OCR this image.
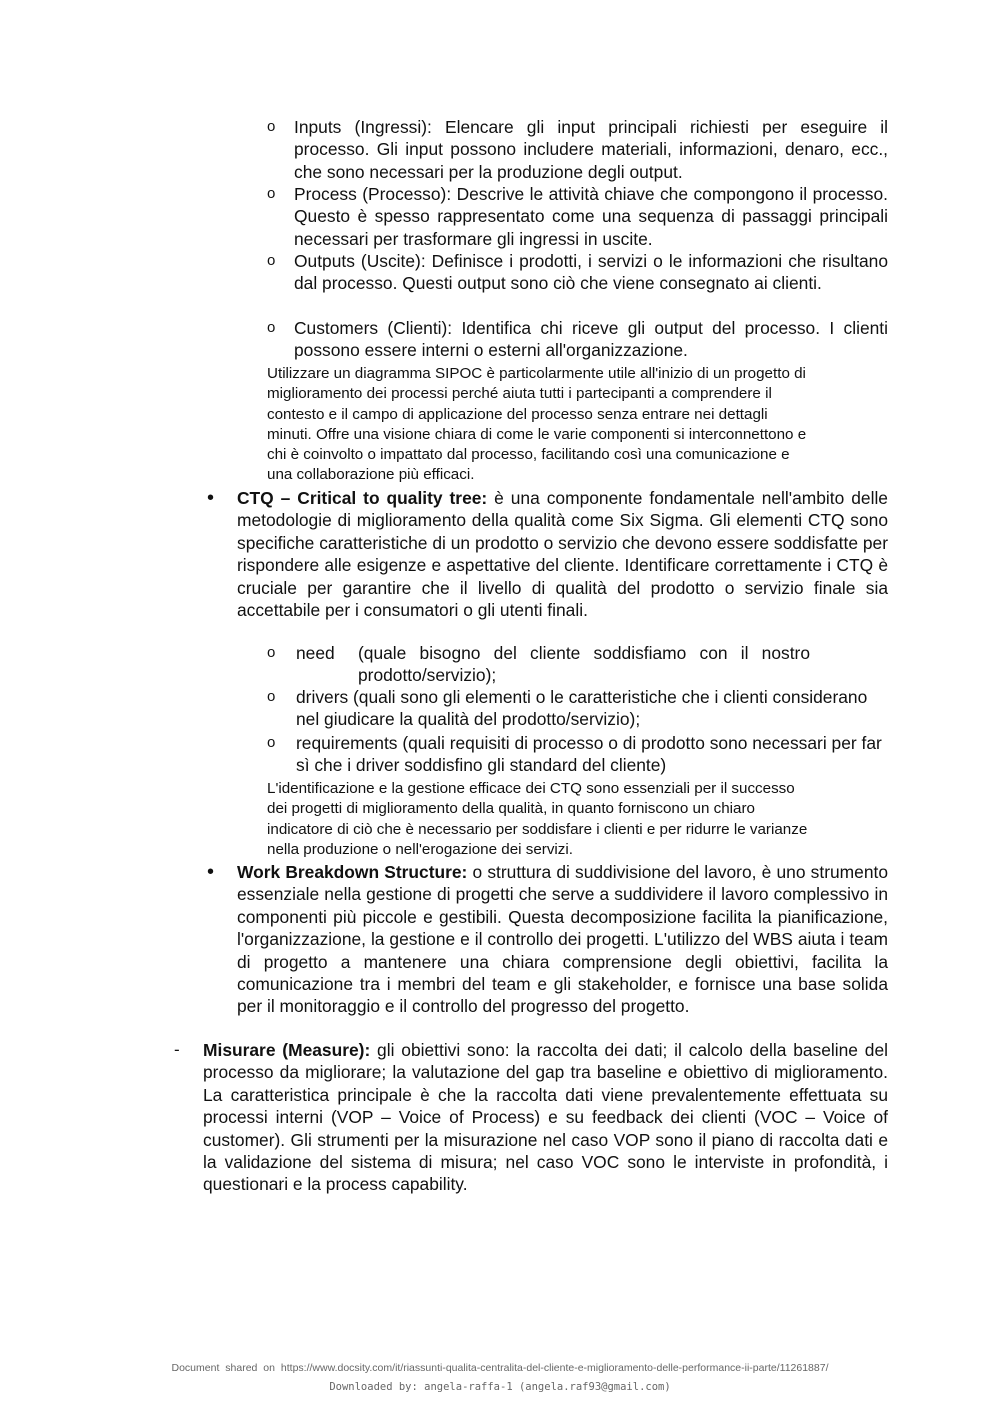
o Inputs (Ingressi): Elencare gli input principali richiesti per eseguire il processo. Gli input possono includere materiali, informazioni, denaro, ecc., che sono necessari per la produzione degli output.

o Process (Processo): Descrive le attività chiave che compongono il processo. Questo è spesso rappresentato come una sequenza di passaggi principali necessari per trasformare gli ingressi in uscite.

o Outputs (Uscite): Definisce i prodotti, i servizi o le informazioni che risultano dal processo. Questi output sono ciò che viene consegnato ai clienti.

o Customers (Clienti): Identifica chi riceve gli output del processo. I clienti possono essere interni o esterni all'organizzazione.

Utilizzare un diagramma SIPOC è particolarmente utile all'inizio di un progetto di
miglioramento dei processi perché aiuta tutti i partecipanti a comprendere il
contesto e il campo di applicazione del processo senza entrare nei dettagli
minuti. Offre una visione chiara di come le varie componenti si interconnettono e
chi è coinvolto o impattato dal processo, facilitando così una comunicazione e
una collaborazione più efficaci.
• CTQ – Critical to quality tree: è una componente fondamentale nell'ambito delle metodologie di miglioramento della qualità come Six Sigma. Gli elementi CTQ sono specifiche caratteristiche di un prodotto o servizio che devono essere soddisfatte per rispondere alle esigenze e aspettative del cliente. Identificare correttamente i CTQ è cruciale per garantire che il livello di qualità del prodotto o servizio finale sia accettabile per i consumatori o gli utenti finali.

o need (quale bisogno del cliente soddisfiamo con il nostro prodotto/servizio);
o drivers (quali sono gli elementi o le caratteristiche che i clienti considerano nel giudicare la qualità del prodotto/servizio);

o requirements (quali requisiti di processo o di prodotto sono necessari per far sì che i driver soddisfino gli standard del cliente)

L'identificazione e la gestione efficace dei CTQ sono essenziali per il successo
dei progetti di miglioramento della qualità, in quanto forniscono un chiaro
indicatore di ciò che è necessario per soddisfare i clienti e per ridurre le varianze
nella produzione o nell'erogazione dei servizi.
• Work Breakdown Structure: o struttura di suddivisione del lavoro, è uno strumento essenziale nella gestione di progetti che serve a suddividere il lavoro complessivo in componenti più piccole e gestibili. Questa decomposizione facilita la pianificazione, l'organizzazione, la gestione e il controllo dei progetti. L'utilizzo del WBS aiuta i team di progetto a mantenere una chiara comprensione degli obiettivi, facilita la comunicazione tra i membri del team e gli stakeholder, e fornisce una base solida per il monitoraggio e il controllo del progresso del progetto.

- Misurare (Measure): gli obiettivi sono: la raccolta dei dati; il calcolo della baseline del processo da migliorare; la valutazione del gap tra baseline e obiettivo di miglioramento. La caratteristica principale è che la raccolta dati viene prevalentemente effettuata su processi interni (VOP – Voice of Process) e su feedback dei clienti (VOC – Voice of customer). Gli strumenti per la misurazione nel caso VOP sono il piano di raccolta dati e la validazione del sistema di misura; nel caso VOC sono le interviste in profondità, i questionari e la process capability.

Document shared on https://www.docsity.com/it/riassunti-qualita-centralita-del-cliente-e-miglioramento-delle-performance-ii-parte/11261887/
Downloaded by: angela-raffa-1 (angela.raf93@gmail.com)
